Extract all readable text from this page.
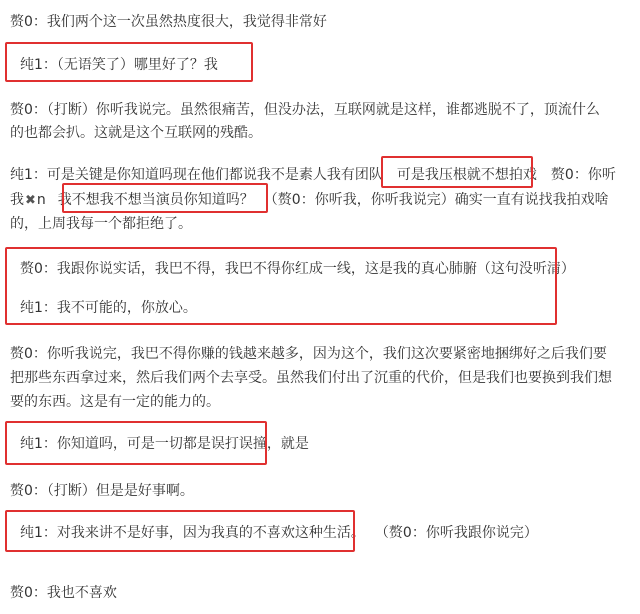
赘0：我们两个这一次虽然热度很大，我觉得非常好
纯1：（无语笑了）哪里好了？我
赘0：（打断）你听我说完。虽然很痛苦，但没办法，互联网就是这样，谁都逃脱不了，顶流什么
的也都会扒。这就是这个互联网的残酷。
纯1：可是关键是你知道吗现在他们都说我不是素人我有团队 可是我压根就不想拍戏 赘0：你听
我✖n 我不想我不想当演员你知道吗？ （赘0：你听我，你听我说完）确实一直有说找我拍戏啥
的，上周我每一个都拒绝了。
赘0：我跟你说实话，我巴不得，我巴不得你红成一线，这是我的真心肺腑（这句没听清）
纯1：我不可能的，你放心。
赘0：你听我说完，我巴不得你赚的钱越来越多，因为这个，我们这次要紧密地捆绑好之后我们要
把那些东西拿过来，然后我们两个去享受。虽然我们付出了沉重的代价，但是我们也要换到我们想
要的东西。这是有一定的能力的。
纯1：你知道吗，可是一切都是误打误撞，就是
赘0：（打断）但是是好事啊。
纯1：对我来讲不是好事，因为我真的不喜欢这种生活。 （赘0：你听我跟你说完）
赘0：我也不喜欢
